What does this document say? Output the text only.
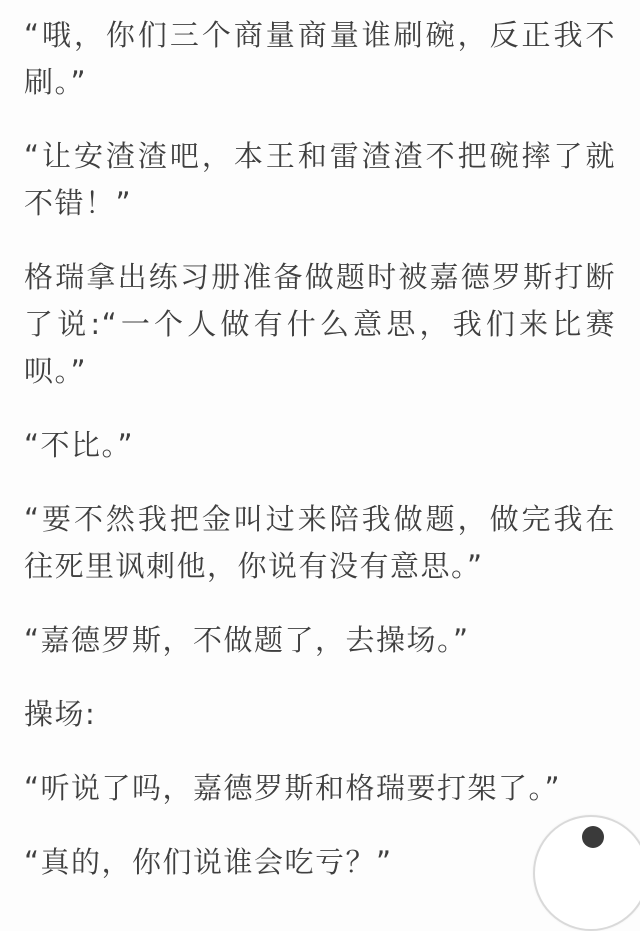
“哦，你们三个商量商量谁刷碗，反正我不刷。”

“让安渣渣吧，本王和雷渣渣不把碗摔了就不错！”

格瑞拿出练习册准备做题时被嘉德罗斯打断了说:“一个人做有什么意思，我们来比赛呗。”

“不比。”

“要不然我把金叫过来陪我做题，做完我在往死里讽刺他，你说有没有意思。”

“嘉德罗斯，不做题了，去操场。”

操场:

“听说了吗，嘉德罗斯和格瑞要打架了。”

“真的，你们说谁会吃亏？”
